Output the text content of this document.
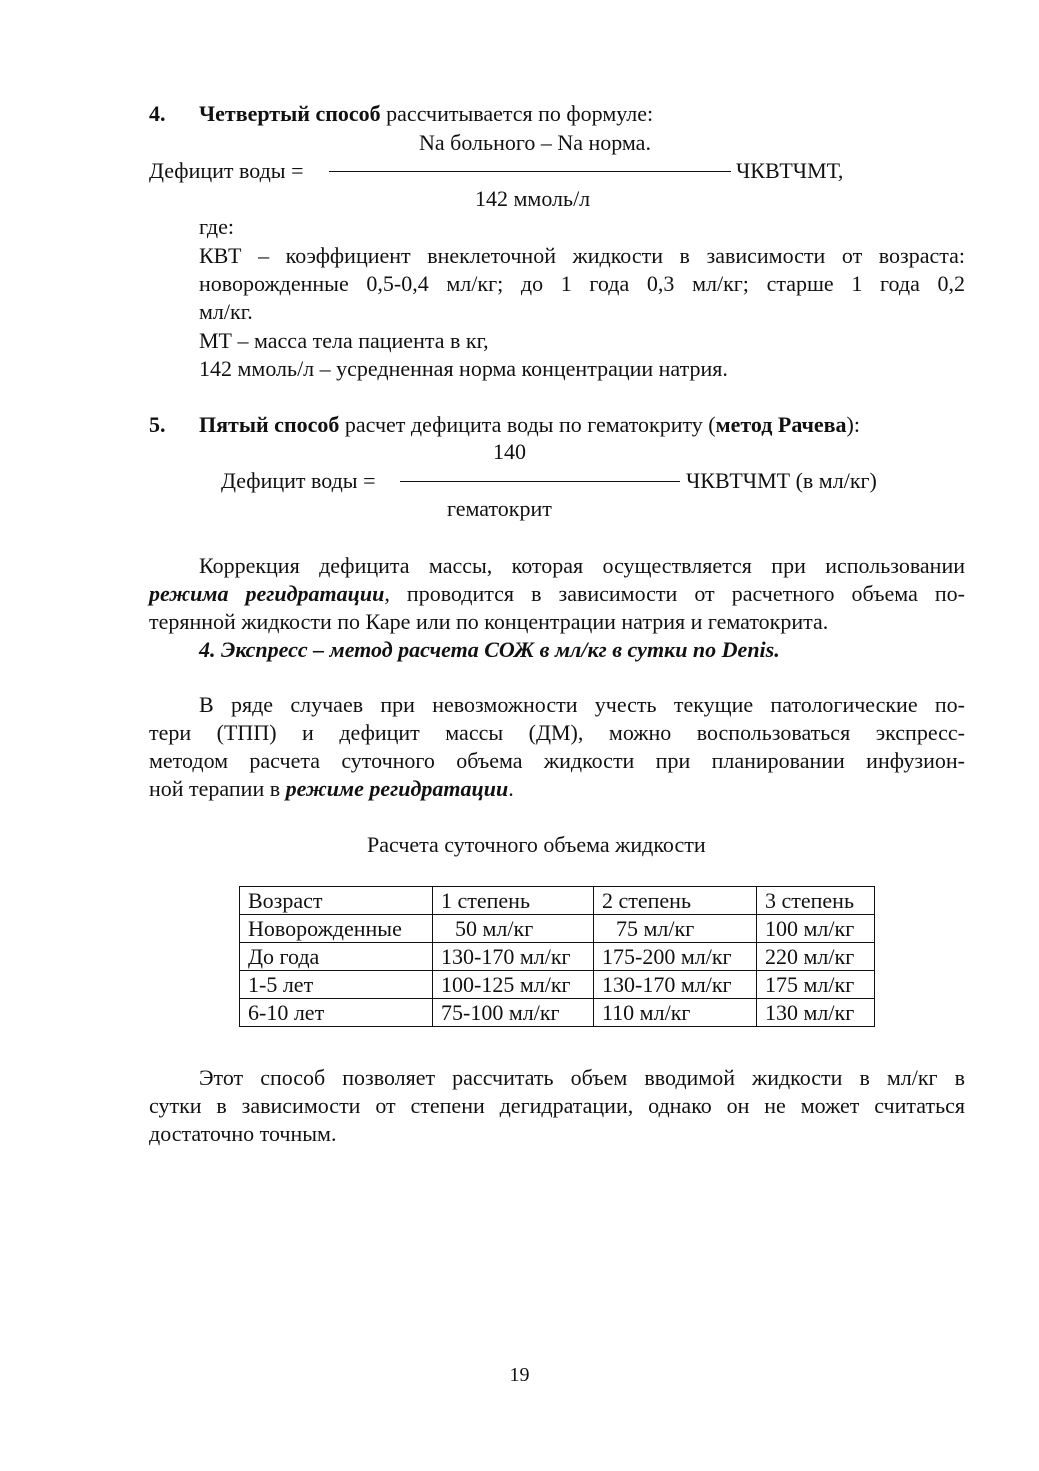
4. Четвертый способ рассчитывается по формуле:
Na больного – Na норма.
Дефицит воды =	ЧКВТЧМТ,
142 ммоль/л
где:
КВТ – коэффициент внеклеточной жидкости в зависимости от возраста:
новорожденные 0,5-0,4 мл/кг; до 1 года 0,3 мл/кг; старше 1 года 0,2
мл/кг.
МТ – масса тела пациента в кг,
142 ммоль/л – усредненная норма концентрации натрия.
5. Пятый способ расчет дефицита воды по гематокриту (метод Рачева):
140
Дефицит воды =	ЧКВТЧМТ (в мл/кг)
гематокрит
Коррекция дефицита массы, которая осуществляется при использовании
режима регидратации, проводится в зависимости от расчетного объема по-
терянной жидкости по Каре или по концентрации натрия и гематокрита.
4. Экспресс – метод расчета СОЖ в мл/кг в сутки по Denis.
В ряде случаев при невозможности учесть текущие патологические по-
тери (ТПП) и дефицит массы (ДМ), можно воспользоваться экспресс-
методом расчета суточного объема жидкости при планировании инфузион-
ной терапии в режиме регидратации.
Расчета суточного объема жидкости
Возраст	1 степень	2 степень	3 степень
Новорожденные	50 мл/кг	75 мл/кг	100 мл/кг
До года	130-170 мл/кг	175-200 мл/кг	220 мл/кг
1-5 лет	100-125 мл/кг	130-170 мл/кг	175 мл/кг
6-10 лет	75-100 мл/кг	110 мл/кг	130 мл/кг
Этот способ позволяет рассчитать объем вводимой жидкости в мл/кг в
сутки в зависимости от степени дегидратации, однако он не может считаться
достаточно точным.
19
